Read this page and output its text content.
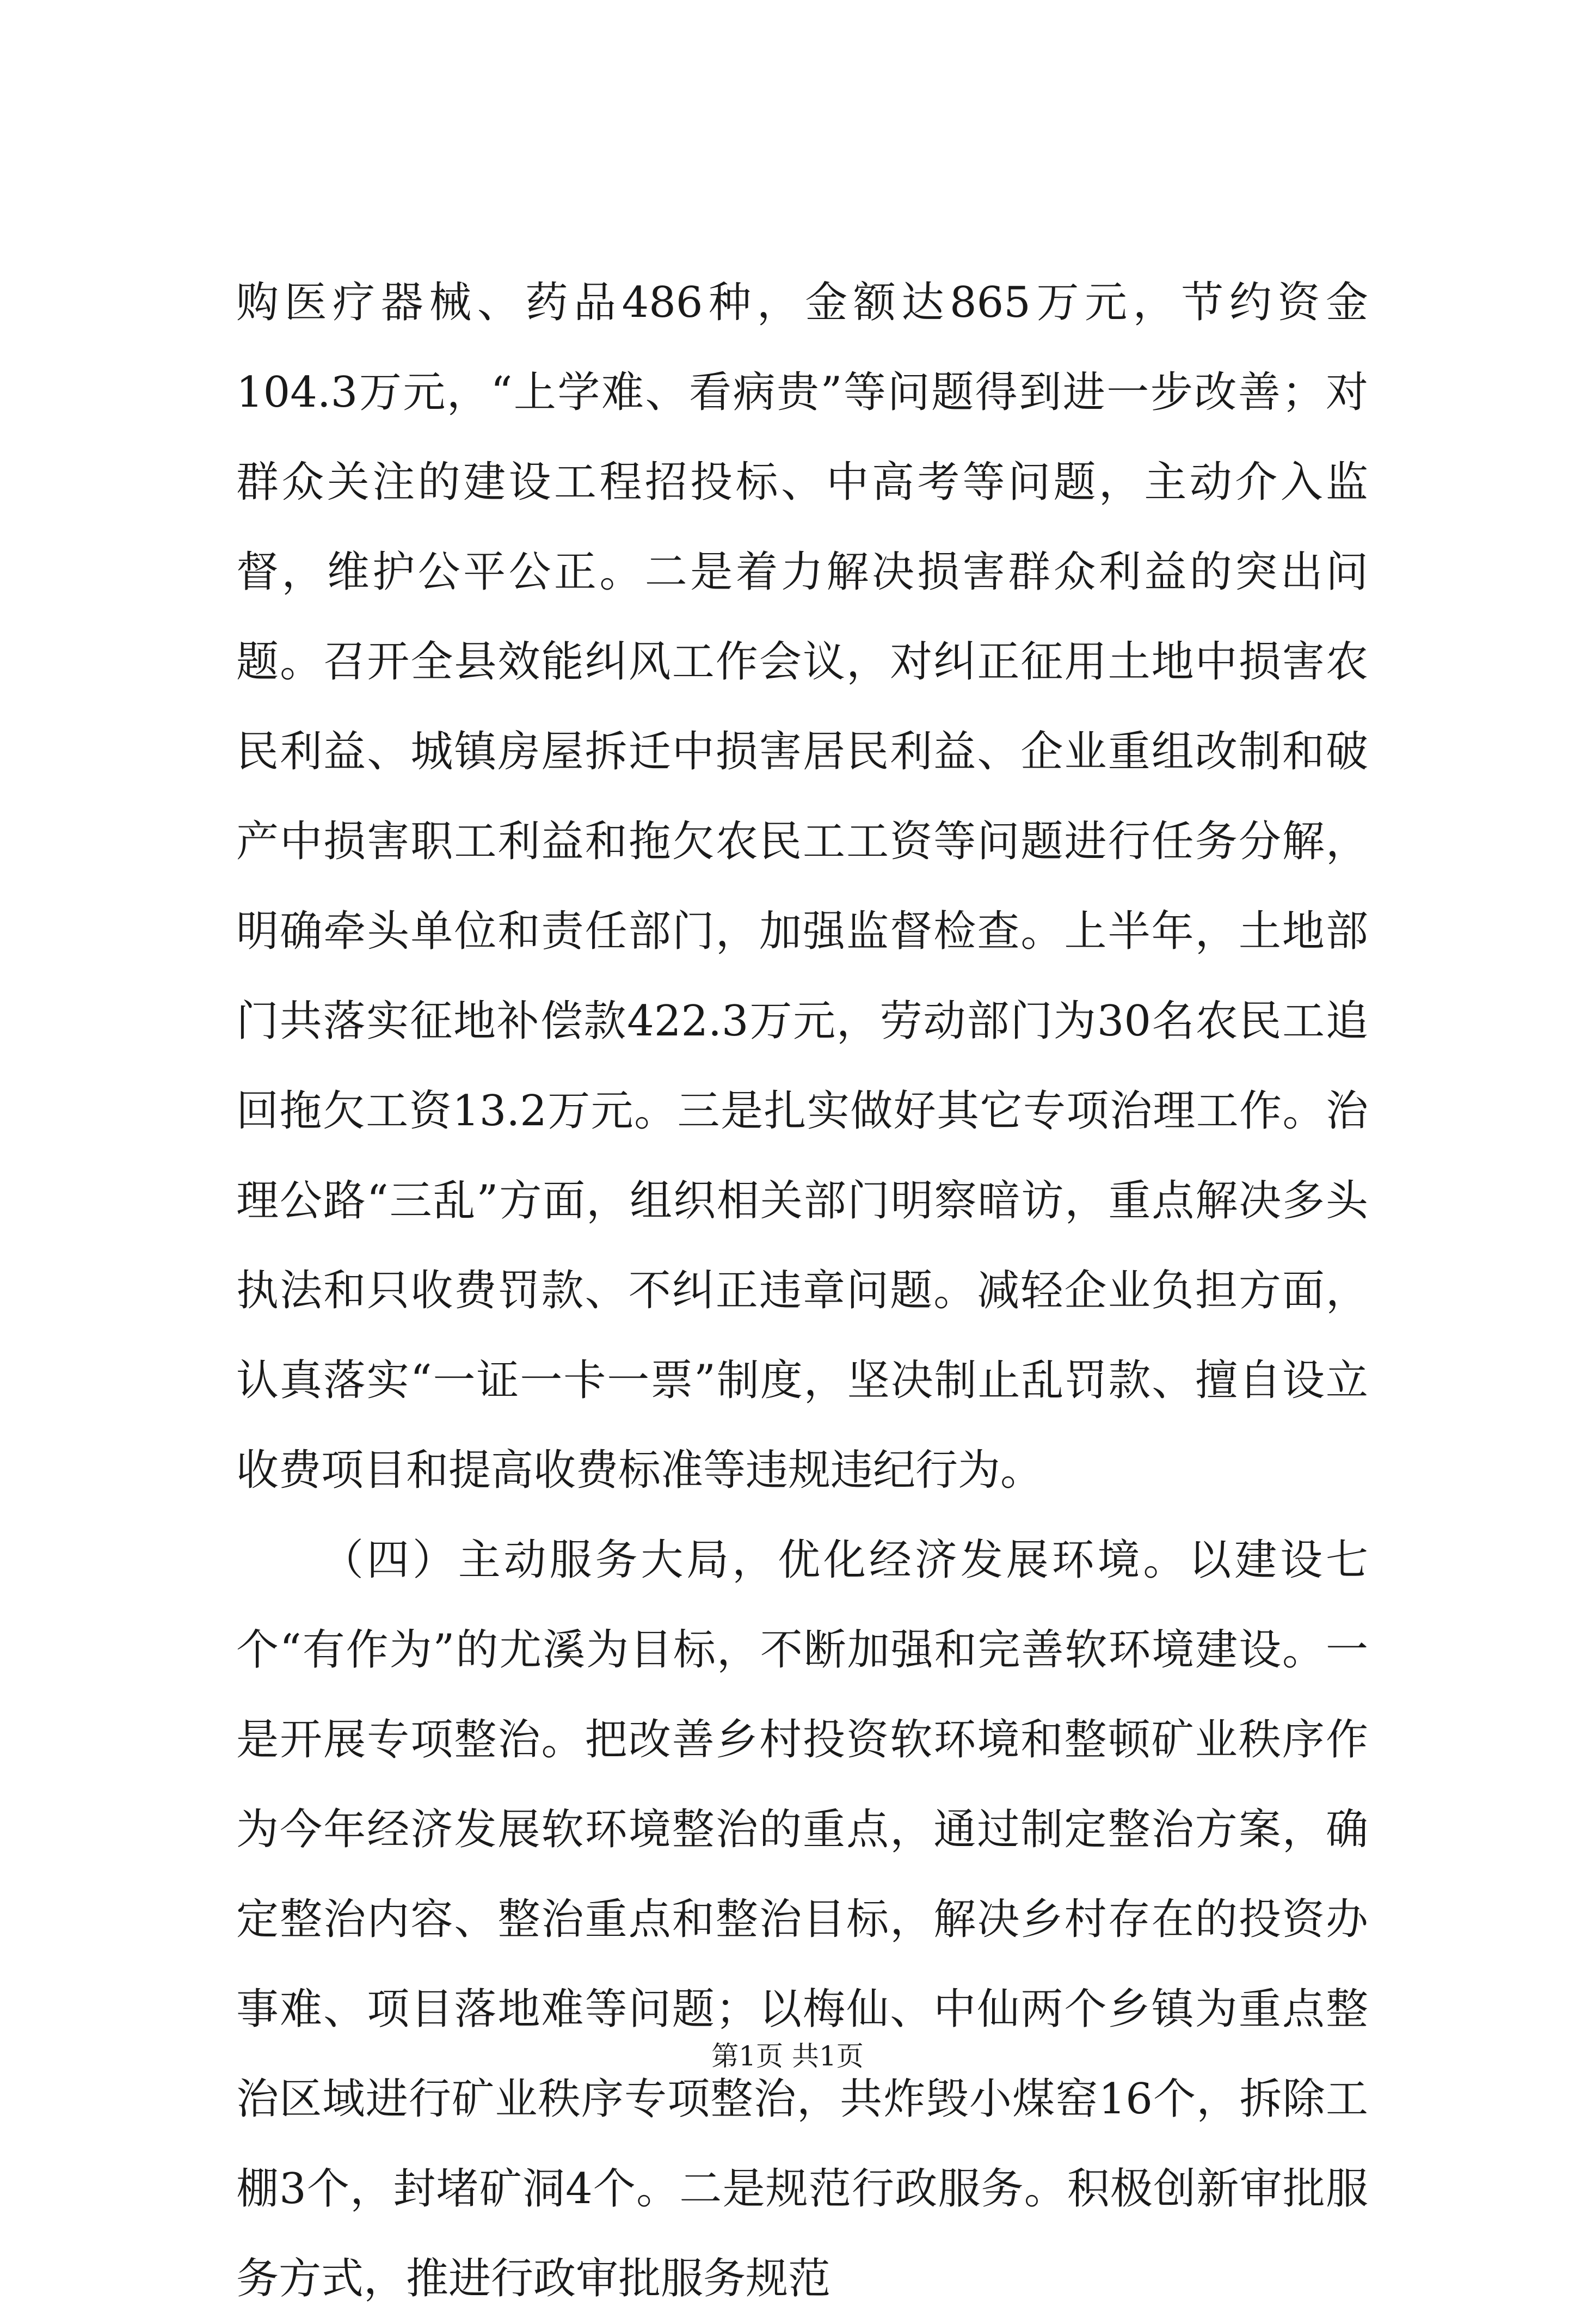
购医疗器械、药品486种，金额达865万元，节约资金104.3万元，“上学难、看病贵”等问题得到进一步改善；对群众关注的建设工程招投标、中高考等问题，主动介入监督，维护公平公正。二是着力解决损害群众利益的突出问题。召开全县效能纠风工作会议，对纠正征用土地中损害农民利益、城镇房屋拆迁中损害居民利益、企业重组改制和破产中损害职工利益和拖欠农民工工资等问题进行任务分解，明确牵头单位和责任部门，加强监督检查。上半年，土地部门共落实征地补偿款422.3万元，劳动部门为30名农民工追回拖欠工资13.2万元。三是扎实做好其它专项治理工作。治理公路“三乱”方面，组织相关部门明察暗访，重点解决多头执法和只收费罚款、不纠正违章问题。减轻企业负担方面，认真落实“一证一卡一票”制度，坚决制止乱罚款、擅自设立收费项目和提高收费标准等违规违纪行为。

（四）主动服务大局，优化经济发展环境。以建设七个“有作为”的尤溪为目标，不断加强和完善软环境建设。一是开展专项整治。把改善乡村投资软环境和整顿矿业秩序作为今年经济发展软环境整治的重点，通过制定整治方案，确定整治内容、整治重点和整治目标，解决乡村存在的投资办事难、项目落地难等问题；以梅仙、中仙两个乡镇为重点整治区域进行矿业秩序专项整治，共炸毁小煤窑16个，拆除工棚3个，封堵矿洞4个。二是规范行政服务。积极创新审批服务方式，推进行政审批服务规范

第1页 共1页
